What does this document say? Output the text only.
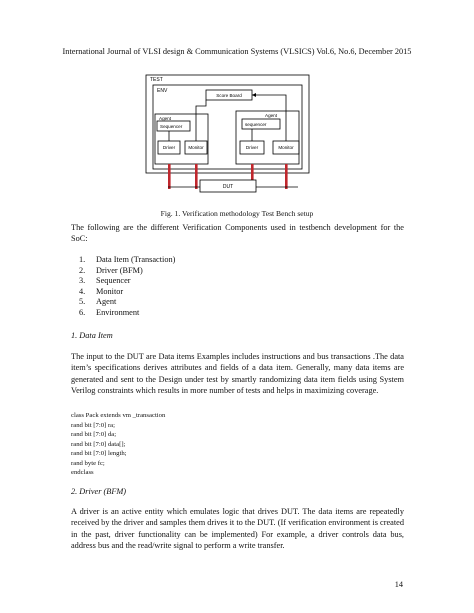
International Journal of VLSI design & Communication Systems (VLSICS) Vol.6, No.6, December 2015
TEST
ENV
Score Board
Agent
Sequencer
Driver	Monitor
Agent
sequencer
Driver	Monitor
DUT
Fig. 1. Verification methodology Test Bench setup

The following are the different Verification Components used in testbench development for the SoC:

1. Data Item (Transaction)
2. Driver (BFM)
3. Sequencer
4. Monitor
5. Agent
6. Environment
1. Data Item

The input to the DUT are Data items Examples includes instructions and bus transactions .The data item’s specifications derives attributes and fields of a data item. Generally, many data items are generated and sent to the Design under test by smartly randomizing data item fields using System Verilog constraints which results in more number of tests and helps in maximizing coverage.

class Pack extends vm _transaction
rand bit [7:0] ra;
rand bit [7:0] da;
rand bit [7:0] data[];
rand bit [7:0] length;
rand byte fc;
endclass
2. Driver (BFM)

A driver is an active entity which emulates logic that drives DUT. The data items are repeatedly received by the driver and samples them drives it to the DUT. (If verification environment is created in the past, driver functionality can be implemented) For example, a driver controls data bus, address bus and the read/write signal to perform a write transfer.

14
